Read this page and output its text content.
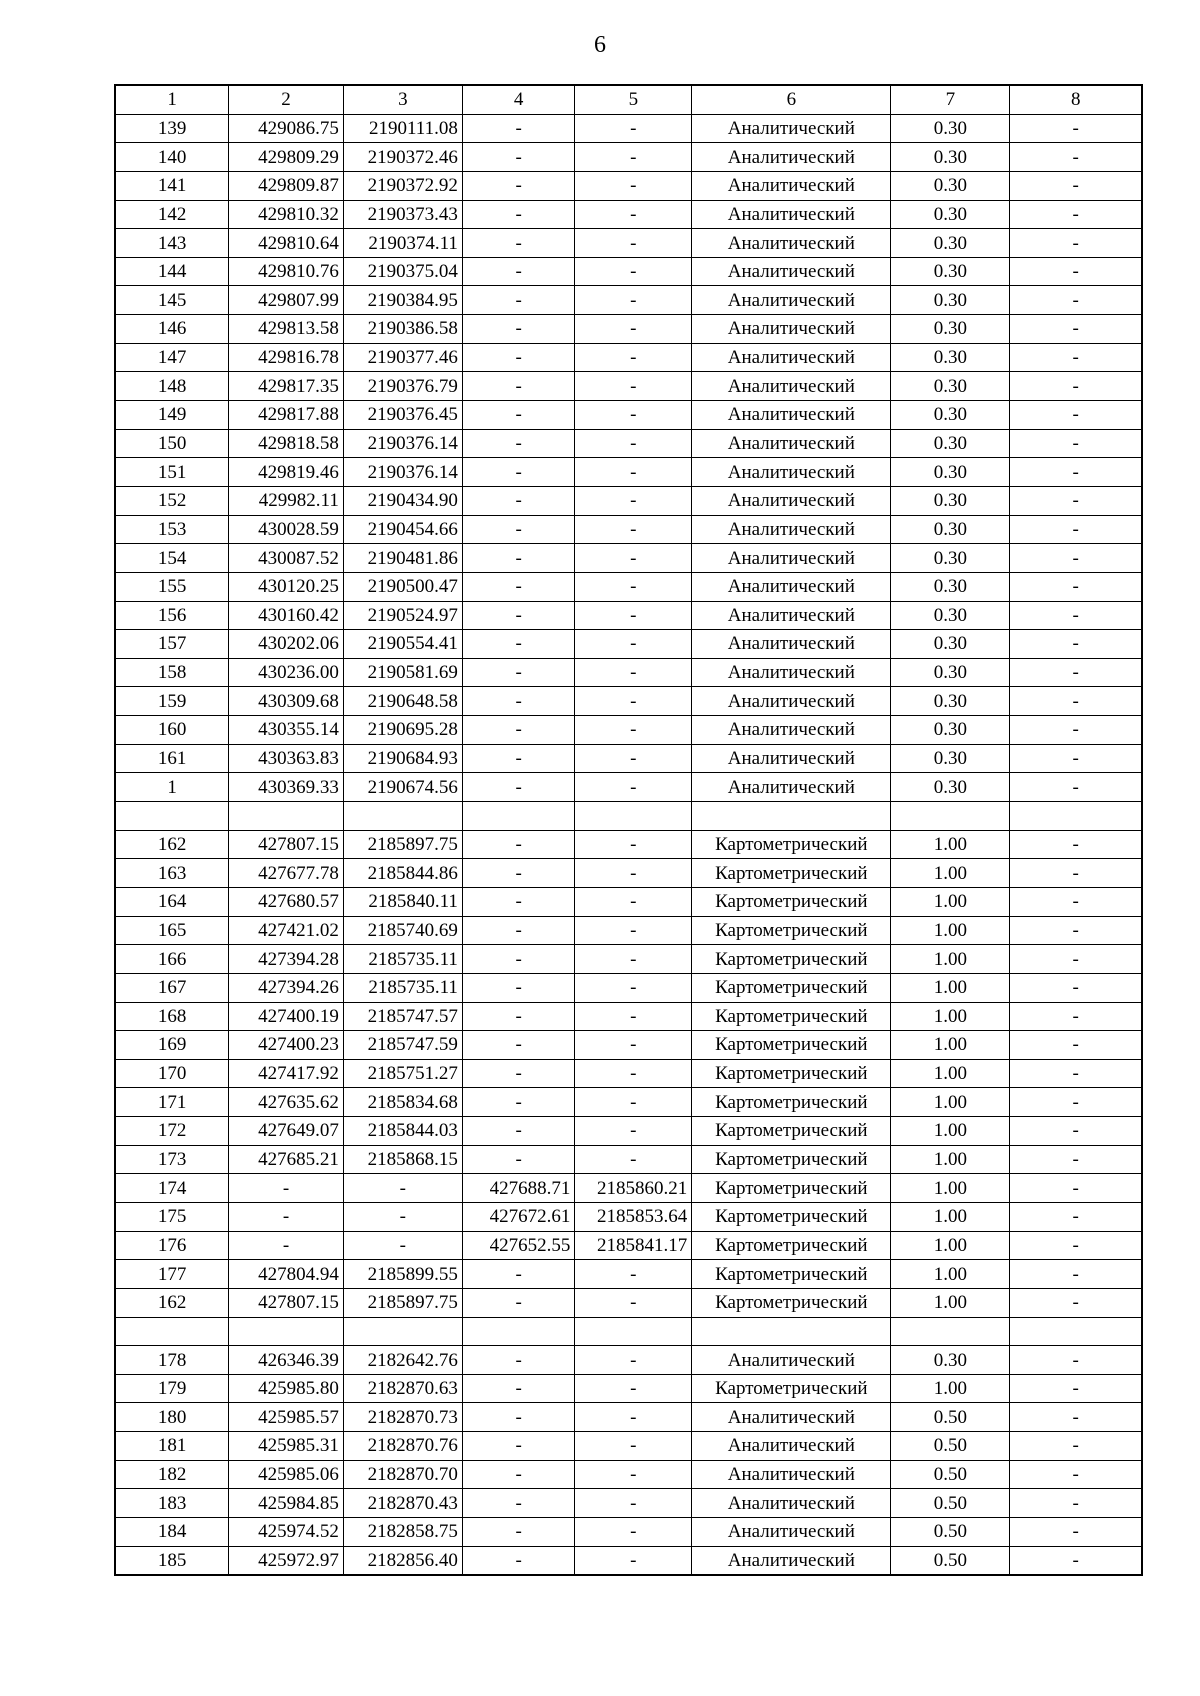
6
1	2	3	4	5	6	7	8
139	429086.75	2190111.08	-	-	Аналитический	0.30	-
140	429809.29	2190372.46	-	-	Аналитический	0.30	-
141	429809.87	2190372.92	-	-	Аналитический	0.30	-
142	429810.32	2190373.43	-	-	Аналитический	0.30	-
143	429810.64	2190374.11	-	-	Аналитический	0.30	-
144	429810.76	2190375.04	-	-	Аналитический	0.30	-
145	429807.99	2190384.95	-	-	Аналитический	0.30	-
146	429813.58	2190386.58	-	-	Аналитический	0.30	-
147	429816.78	2190377.46	-	-	Аналитический	0.30	-
148	429817.35	2190376.79	-	-	Аналитический	0.30	-
149	429817.88	2190376.45	-	-	Аналитический	0.30	-
150	429818.58	2190376.14	-	-	Аналитический	0.30	-
151	429819.46	2190376.14	-	-	Аналитический	0.30	-
152	429982.11	2190434.90	-	-	Аналитический	0.30	-
153	430028.59	2190454.66	-	-	Аналитический	0.30	-
154	430087.52	2190481.86	-	-	Аналитический	0.30	-
155	430120.25	2190500.47	-	-	Аналитический	0.30	-
156	430160.42	2190524.97	-	-	Аналитический	0.30	-
157	430202.06	2190554.41	-	-	Аналитический	0.30	-
158	430236.00	2190581.69	-	-	Аналитический	0.30	-
159	430309.68	2190648.58	-	-	Аналитический	0.30	-
160	430355.14	2190695.28	-	-	Аналитический	0.30	-
161	430363.83	2190684.93	-	-	Аналитический	0.30	-
1	430369.33	2190674.56	-	-	Аналитический	0.30	-

162	427807.15	2185897.75	-	-	Картометрический	1.00	-
163	427677.78	2185844.86	-	-	Картометрический	1.00	-
164	427680.57	2185840.11	-	-	Картометрический	1.00	-
165	427421.02	2185740.69	-	-	Картометрический	1.00	-
166	427394.28	2185735.11	-	-	Картометрический	1.00	-
167	427394.26	2185735.11	-	-	Картометрический	1.00	-
168	427400.19	2185747.57	-	-	Картометрический	1.00	-
169	427400.23	2185747.59	-	-	Картометрический	1.00	-
170	427417.92	2185751.27	-	-	Картометрический	1.00	-
171	427635.62	2185834.68	-	-	Картометрический	1.00	-
172	427649.07	2185844.03	-	-	Картометрический	1.00	-
173	427685.21	2185868.15	-	-	Картометрический	1.00	-
174	-	-	427688.71	2185860.21	Картометрический	1.00	-
175	-	-	427672.61	2185853.64	Картометрический	1.00	-
176	-	-	427652.55	2185841.17	Картометрический	1.00	-
177	427804.94	2185899.55	-	-	Картометрический	1.00	-
162	427807.15	2185897.75	-	-	Картометрический	1.00	-

178	426346.39	2182642.76	-	-	Аналитический	0.30	-
179	425985.80	2182870.63	-	-	Картометрический	1.00	-
180	425985.57	2182870.73	-	-	Аналитический	0.50	-
181	425985.31	2182870.76	-	-	Аналитический	0.50	-
182	425985.06	2182870.70	-	-	Аналитический	0.50	-
183	425984.85	2182870.43	-	-	Аналитический	0.50	-
184	425974.52	2182858.75	-	-	Аналитический	0.50	-
185	425972.97	2182856.40	-	-	Аналитический	0.50	-
